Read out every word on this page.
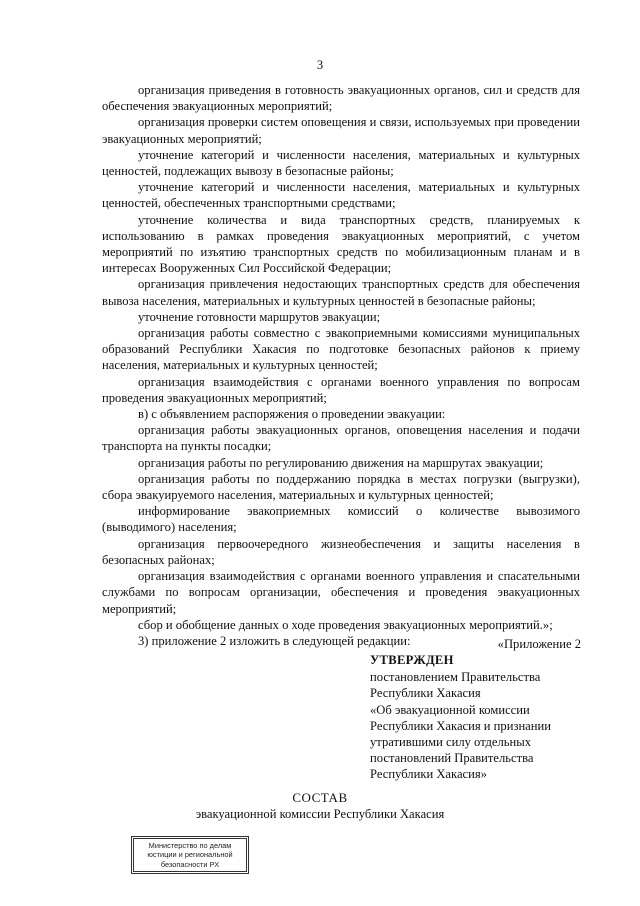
3

организация приведения в готовность эвакуационных органов, сил и средств для обеспечения эвакуационных мероприятий;

организация проверки систем оповещения и связи, используемых при проведении эвакуационных мероприятий;

уточнение категорий и численности населения, материальных и культурных ценностей, подлежащих вывозу в безопасные районы;

уточнение категорий и численности населения, материальных и культурных ценностей, обеспеченных транспортными средствами;

уточнение количества и вида транспортных средств, планируемых к использованию в рамках проведения эвакуационных мероприятий, с учетом мероприятий по изъятию транспортных средств по мобилизационным планам и в интересах Вооруженных Сил Российской Федерации;

организация привлечения недостающих транспортных средств для обеспечения вывоза населения, материальных и культурных ценностей в безопасные районы;

уточнение готовности маршрутов эвакуации;

организация работы совместно с эвакоприемными комиссиями муниципальных образований Республики Хакасия по подготовке безопасных районов к приему населения, материальных и культурных ценностей;

организация взаимодействия с органами военного управления по вопросам проведения эвакуационных мероприятий;

в) с объявлением распоряжения о проведении эвакуации:

организация работы эвакуационных органов, оповещения населения и подачи транспорта на пункты посадки;

организация работы по регулированию движения на маршрутах эвакуации;

организация работы по поддержанию порядка в местах погрузки (выгрузки), сбора эвакуируемого населения, материальных и культурных ценностей;

информирование эвакоприемных комиссий о количестве вывозимого (выводимого) населения;

организация первоочередного жизнеобеспечения и защиты населения в безопасных районах;

организация взаимодействия с органами военного управления и спасательными службами по вопросам организации, обеспечения и проведения эвакуационных мероприятий;

сбор и обобщение данных о ходе проведения эвакуационных мероприятий.»;

3) приложение 2 изложить в следующей редакции:	«Приложение 2

УТВЕРЖДЕН

постановлением Правительства

Республики Хакасия

«Об эвакуационной комиссии

Республики Хакасия и признании

утратившими силу отдельных

постановлений Правительства

Республики Хакасия»

СОСТАВ
эвакуационной комиссии Республики Хакасия

Министерство по делам

юстиции и региональной

безопасности РХ
